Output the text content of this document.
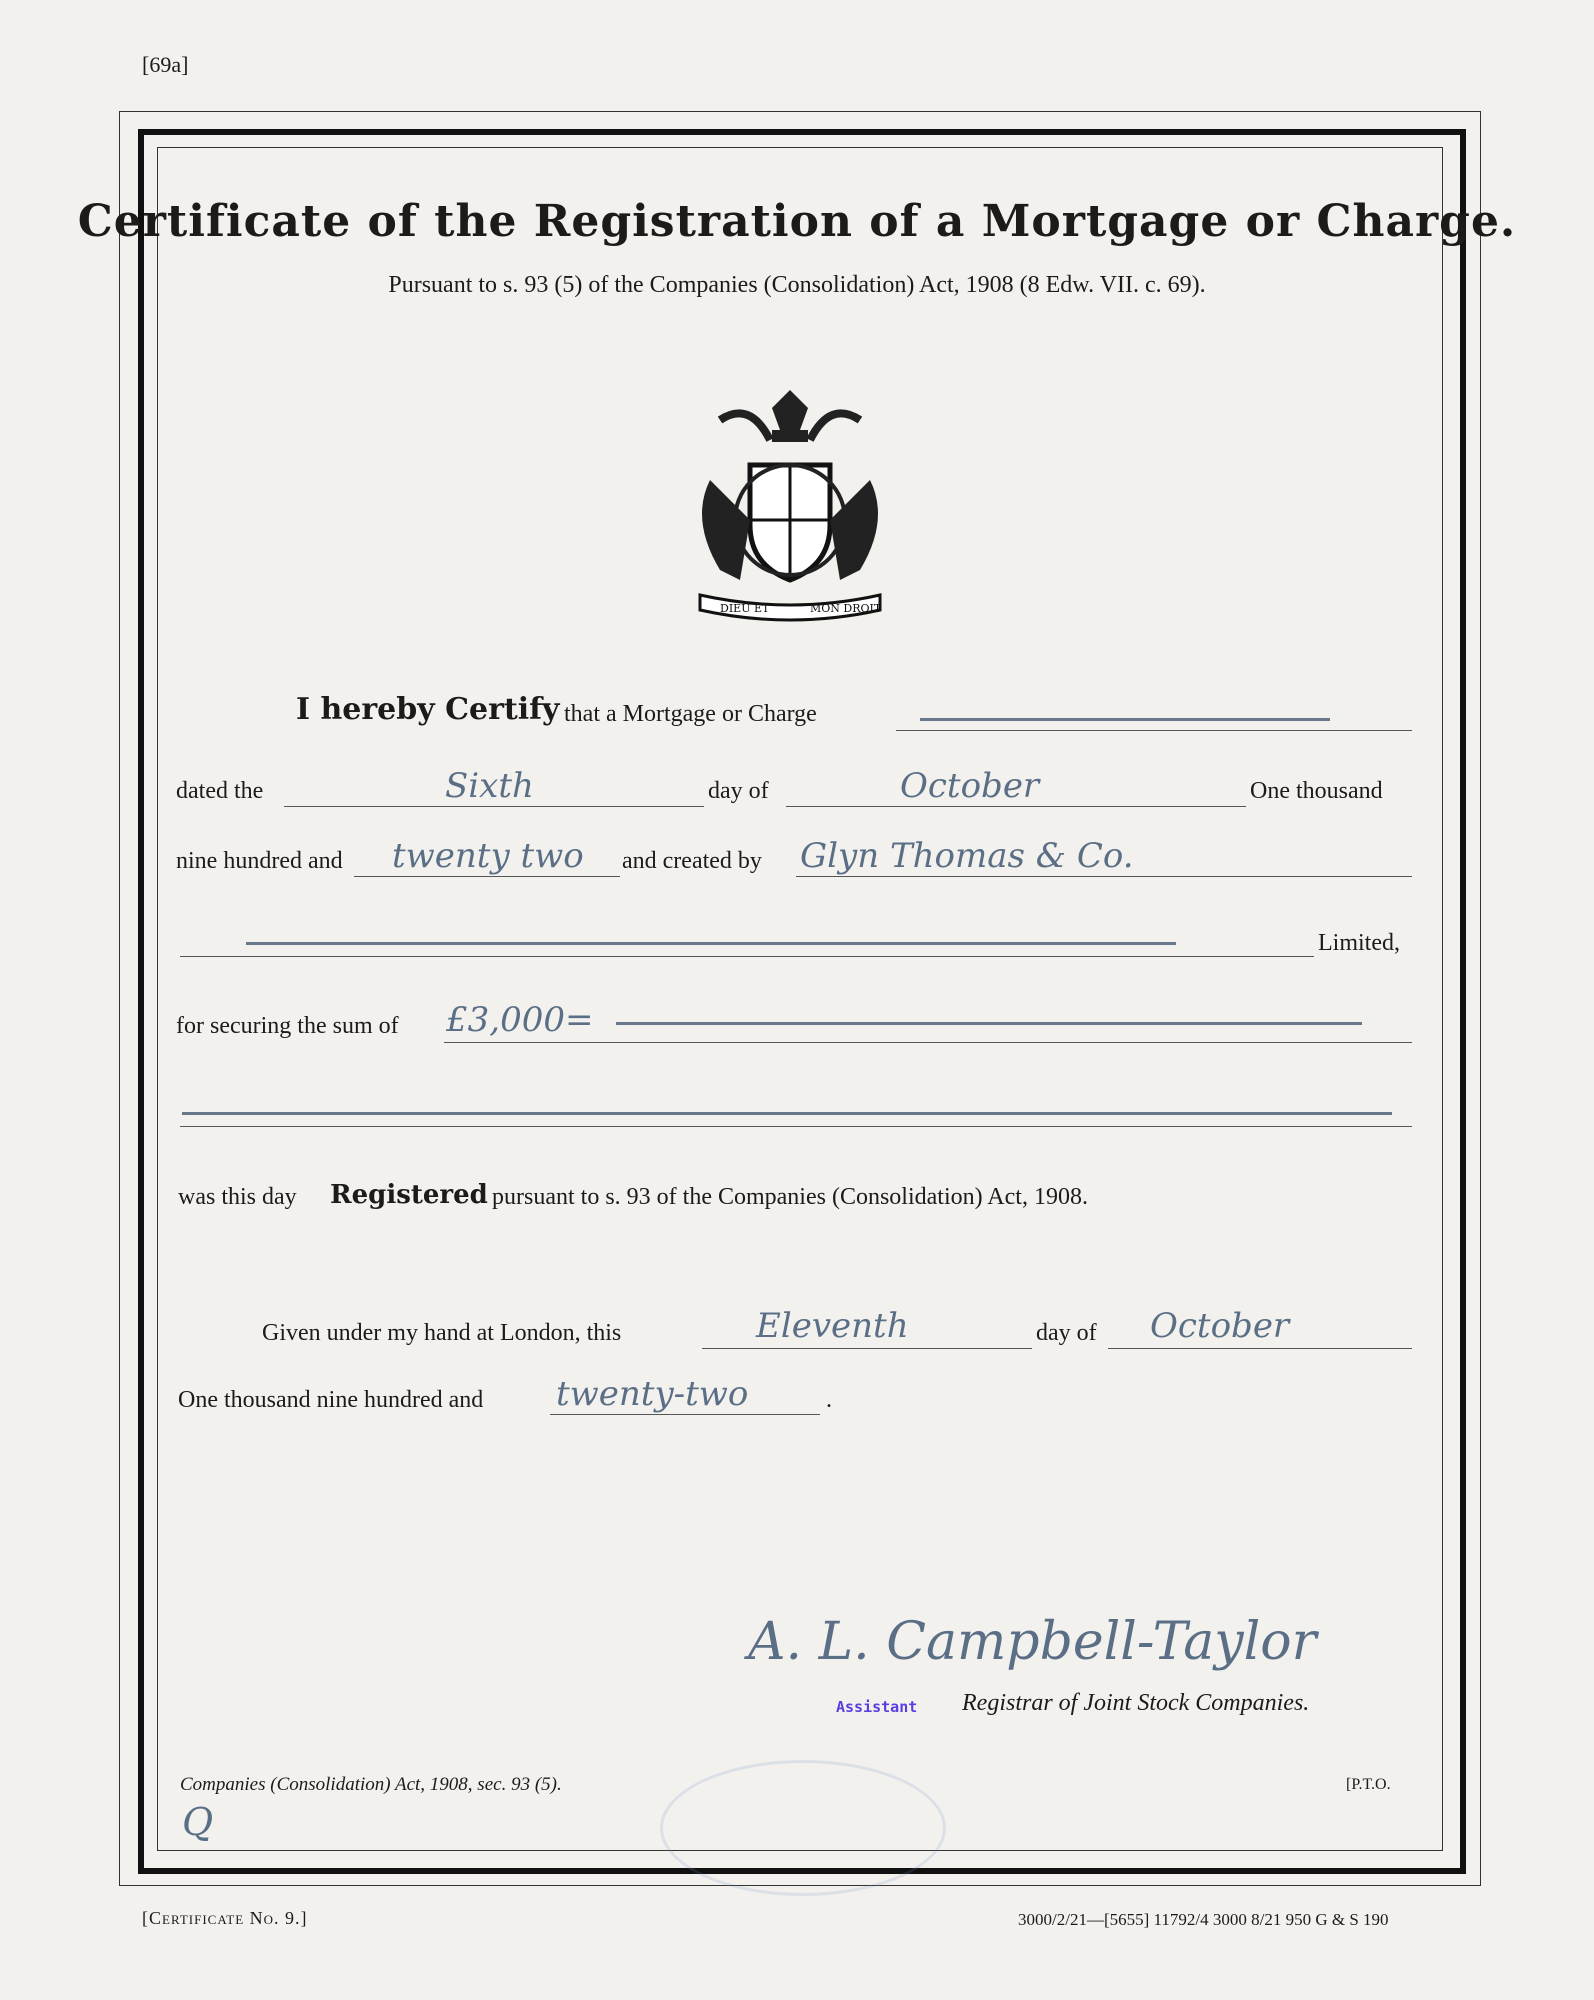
[69a]
Certificate of the Registration of a Mortgage or Charge.
Pursuant to s. 93 (5) of the Companies (Consolidation) Act, 1908 (8 Edw. VII. c. 69).
DIEU ET	MON DROIT
I hereby Certify that a Mortgage or Charge
dated the	Sixth	day of	October	One thousand
nine hundred and twenty two and created by Glyn Thomas & Co.
Limited,
for securing the sum of £3,000=
was this day Registered pursuant to s. 93 of the Companies (Consolidation) Act, 1908.
Given under my hand at London, this	Eleventh	day of October
One thousand nine hundred and twenty-two	.
A. L. Campbell-Taylor
Assistant Registrar of Joint Stock Companies.
Companies (Consolidation) Act, 1908, sec. 93 (5).	[P.T.O.
Q
[Certificate No. 9.]	3000/2/21—[5655] 11792/4 3000 8/21 950 G & S 190
